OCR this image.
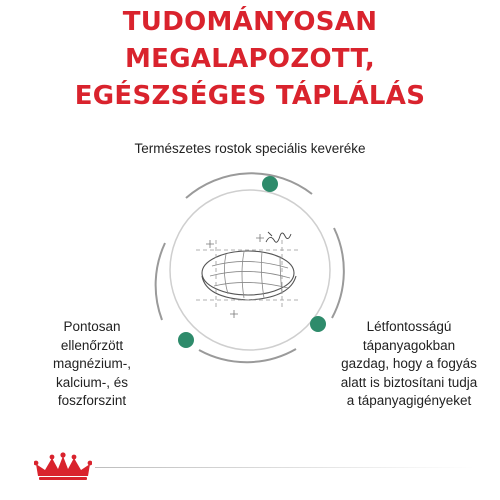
TUDOMÁNYOSAN MEGALAPOZOTT,
EGÉSZSÉGES TÁPLÁLÁS
Természetes rostok speciális keveréke
Pontosan
ellenőrzött
magnézium-,
kalcium-, és
foszforszint
Létfontosságú
tápanyagokban
gazdag, hogy a fogyás
alatt is biztosítani tudja
a tápanyagigényeket
